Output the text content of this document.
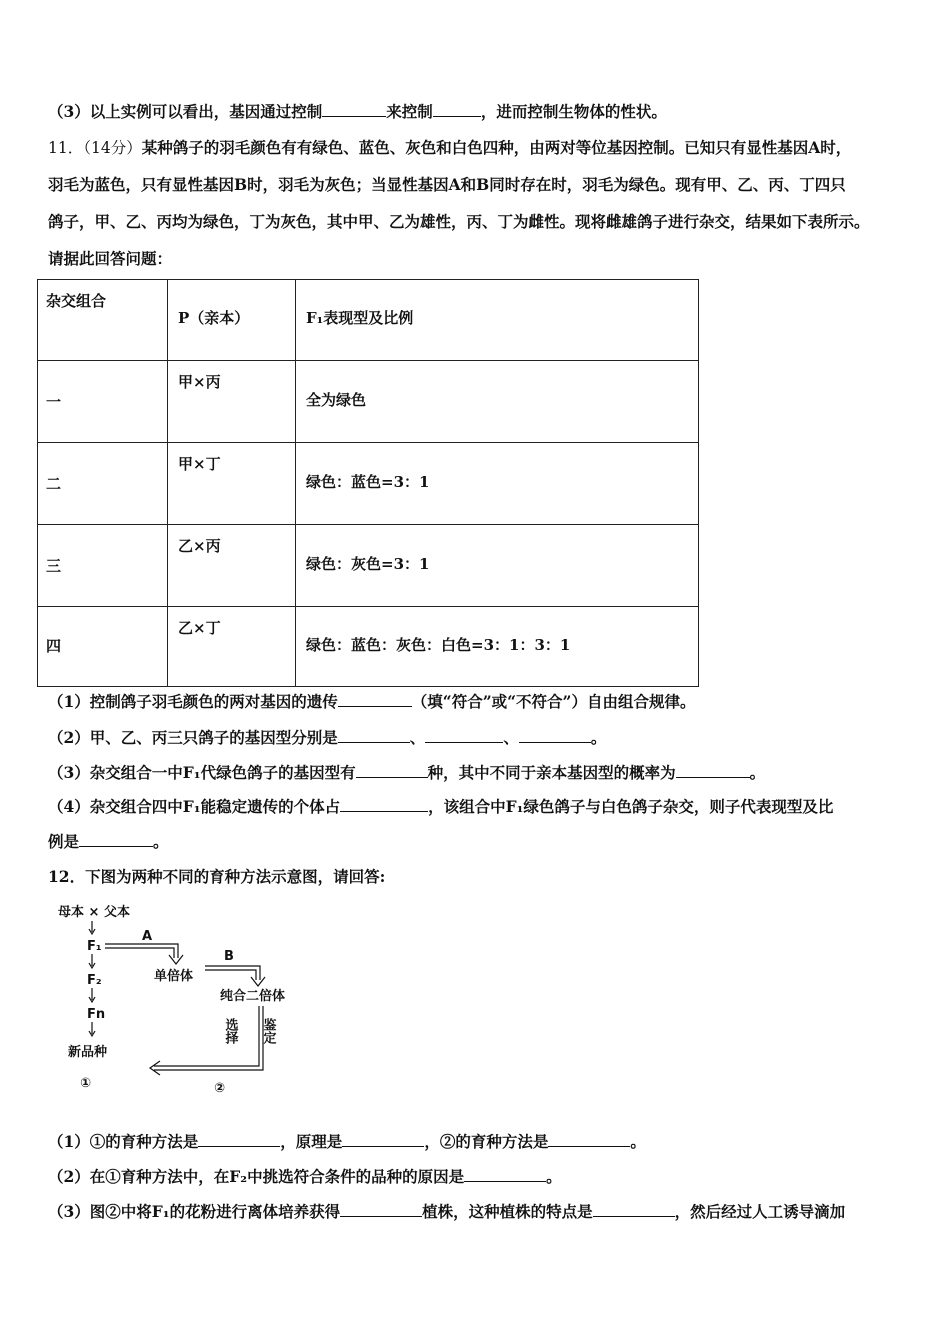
（3）以上实例可以看出，基因通过控制	来控制	，进而控制生物体的性状。
11．（14分）某种鸽子的羽毛颜色有有绿色、蓝色、灰色和白色四种，由两对等位基因控制。已知只有显性基因A时，
羽毛为蓝色，只有显性基因B时，羽毛为灰色；当显性基因A和B同时存在时，羽毛为绿色。现有甲、乙、丙、丁四只
鸽子，甲、乙、丙均为绿色，丁为灰色，其中甲、乙为雄性，丙、丁为雌性。现将雌雄鸽子进行杂交，结果如下表所示。
请据此回答问题：
杂交组合	P（亲本）	F₁表现型及比例

一	甲×丙	全为绿色

二	甲×丁	绿色：蓝色=3：1

三	乙×丙	绿色：灰色=3：1

四	乙×丁	绿色：蓝色：灰色：白色=3：1：3：1
（1）控制鸽子羽毛颜色的两对基因的遗传	（填“符合”或“不符合”）自由组合规律。
（2）甲、乙、丙三只鸽子的基因型分别是	、	、	。
（3）杂交组合一中F₁代绿色鸽子的基因型有	种，其中不同于亲本基因型的概率为	。
（4）杂交组合四中F₁能稳定遗传的个体占	，该组合中F₁绿色鸽子与白色鸽子杂交，则子代表现型及比
例是	。
12．下图为两种不同的育种方法示意图，请回答:
母本 × 父本
F₁
F₂
Fn
新品种
①
A
单倍体
B
纯合二倍体
选择 鉴定
②
（1）①的育种方法是	，原理是	，②的育种方法是	。
（2）在①育种方法中，在F₂中挑选符合条件的品种的原因是	。
（3）图②中将F₁的花粉进行离体培养获得	植株，这种植株的特点是	，然后经过人工诱导滴加
